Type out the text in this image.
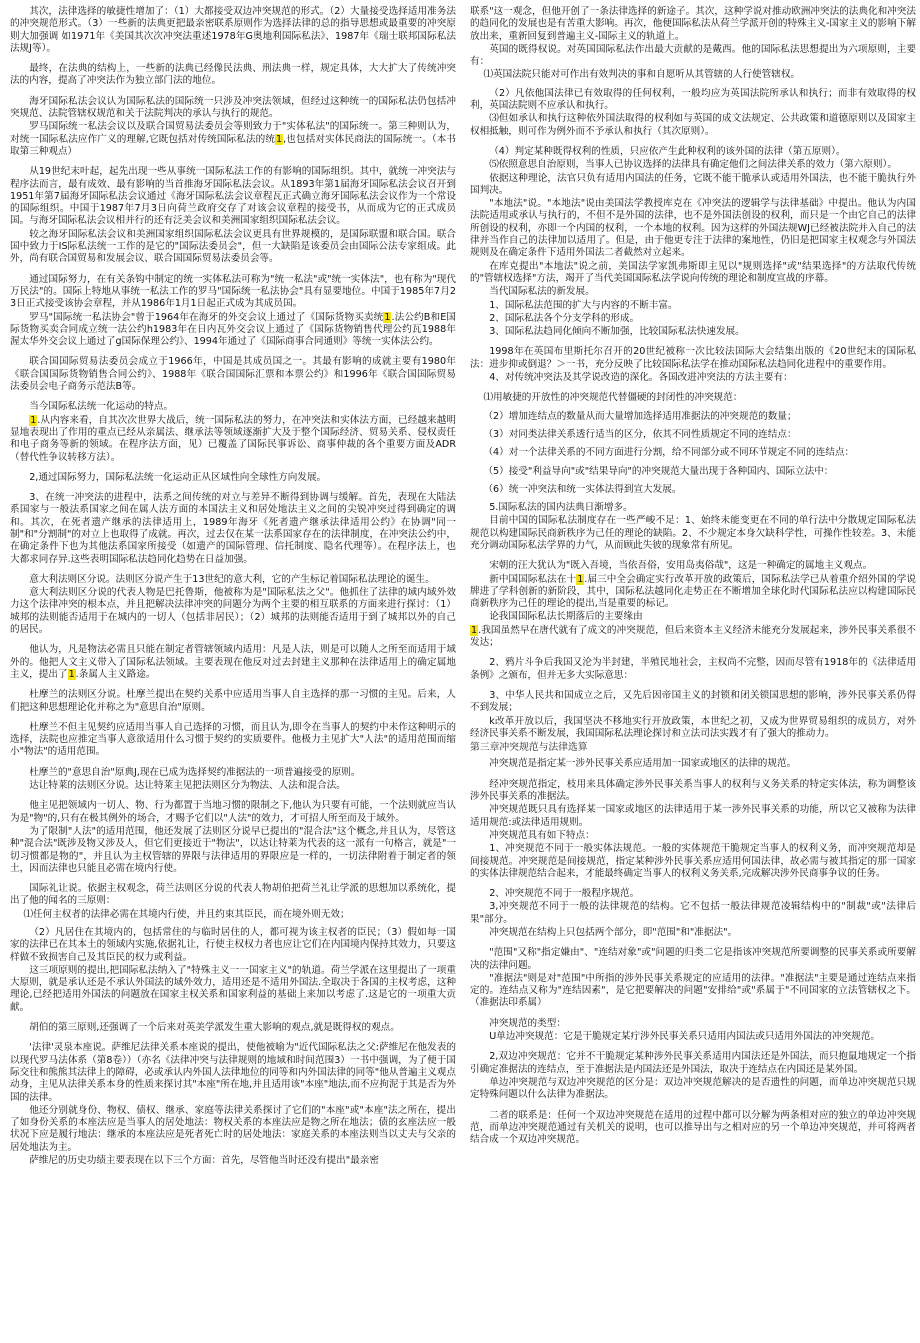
其次，法律选择的敏捷性增加了：（1）大都接受双边冲突规范的形式。（2）大量接受选择适用准务法的冲突规范形式。（3）一些新的法典更把最亲密联系原则作为选择法律的总的指导思想或最重要的冲突原则大加强调 如1971年《美国其次次冲突法重述1978年G奥地利国际私法》、1987年《瑞士联邦国际私法法规J等）。

最终，在法典的结构上，一些新的法典已经像民法典、刑法典一样，规定具体，大大扩大了传统冲突法的内容，提高了冲突法作为独立部门法的地位。

海牙国际私法会议认为国际私法的国际统一只涉及冲突法领域，但经过这种统一的国际私法仍包括冲突规范、法院管辖权规范和关于法院判决的承认与执行的规范。

罗马国际统一私法会议以及联合国贸易法委员会等则致力于"实体私法"的国际统一。第三种则认为，对统一国际私法应作广义的理解,它既包括对传统国际私法的统1,也包括对实体民商法的国际统一。（本书取第三种观点）

从19世纪末叶起，起先出现一些从事统一国际私法工作的有影响的国际组织。其中，就统一冲突法与程序法而言，最有成效、最有影响的当首推海牙国际私法会议。从1893年第1届海牙国际私法会议召开到1951年第7届海牙国际私法会议通过《海牙国际私法会议章程瓦正式确立海牙国际私法会议作为一个常设的国际组织。中国于1987年7月3日向荷兰政府交存了对该会议章程的接受书，从而成为它的正式成员国。与海牙国际私法会议相并行的还有泛美会议和美洲国家组织国际私法会议。

较之海牙国际私法会议和美洲国家组织国际私法会议更具有世界规模的，是国际联盟和联合国。联合国中致力于IS际私法统一工作的是它的"国际法委员会"，但一大缺陷是该委员会由国际公法专家组成。此外，尚有联合国贸易和发展会议、联合国国际贸易法委员会等。

通过国际努力，在有关条钩中制定的统一实体私法可称为"统一私法"或"统一实体法"，也有称为"现代万民法"的。国际上特地从事统一私法工作的罗马"国际统一私法协会"具有显要地位。中国于1985年7月23日正式接受该协会章程，并从1986年1月1日起正式成为其成员国。

罗马"国际统一私法协会"曾于1964年在海牙的外交会议上通过了《国际货物买卖统1.法公约B和E国际货物买卖合同成立统一法公约h1983年在日内瓦外交会议上通过了《国际货物销售代理公约瓦1988年渥太华外交会议上通过了g国际保理公约》、1994年通过了《国际商事合同通则》等统一实体法公约。

联合国国际贸易法委员会成立于1966年，中国是其成员国之一。其最有影响的成就主要有1980年《联合国国际货物销售合同公约》、1988年《联合国国际汇票和本票公约》和1996年《联合国国际贸易法委员会电子商务示范法B等。

当今国际私法统一化运动的特点。

1.从内容来看，自其次次世界大战后，统一国际私法的努力，在冲突法和实体法方面，已经越来越明显地表现出了作用的重点已经从亲属法、继承法等领域逐渐扩大及于整个国际经济、贸易关系、侵权责任和电子商务等新的领域。在程序法方面，见）已覆盖了国际民事诉讼、商事仲裁的各个重要方面及ADR（替代性争议转移方法）。

2,通过国际努力，国际私法统一化运动正从区域性向全球性方向发展。

3、在统一冲突法的进程中，法系之间传统的对立与差异不断得到协调与缓解。首先，表现在大陆法系国家与一般法系国家之间在属人法方面的本国法主义和居处地法主义之间的尖锐冲突过得到确定的调和。其次，在死者遗产继承的法律适用上，1989年海牙《死者遗产继承法律适用公约》在协调"同一制"和"分割制"的对立上也取得了成就。再次，过去仅在某一法系国家存在的法律制度，在冲突法公约中，在确定条件下也为其他法系国家所接受（如遗产的国际管理、信托制度、隐名代理等）。在程序法上，也大都求同存异.这些表明国际私法趋同化趋势在日益加强。

意大利法则区分说。法则区分说产生于13世纪的意大利，它的产生标记着国际私法理论的诞生。

意大利法则区分说的代表人物是巴托鲁斯，他被称为是"国际私法之父"。他抓住了法律的域内域外效力这个法律冲突的根本点，并且把解决法律冲突的问题分为两个主要的相互联系的方面来进行探讨：（1）城邦的法则能否适用于在城内的一切人（包括非居民）；（2）城邦的法则能否适用于到了城邦以外的自己的居民。

他认为，凡是物法必需且只能在制定者管辖领域内适用：凡是人法，则是可以随人之所至而适用于域外的。他把人文主义带入了国际私法领域。主要表现在他反对过去封建主义那种在法律适用上的确定属地主义，提出了1.条属人主义路途。

杜摩兰的法则区分说。杜摩兰提出在契约关系中应适用当事人自主选择的那一习惯的主见。后来，人们把这种思想理论化并称之为"意思自治"原则。

杜摩兰不但主见契约应适用当事人自己选择的习惯，而且认为,即令在当事人的契约中未作这种明示的选择，法院也应推定当事人意欲适用什么习惯于契约的实质要件。他极力主见扩大"人法"的适用范围而缩小"物法"的适用范围。

杜摩兰的"意思自治"原典J,现在已成为选择契约准据法的一项普遍接受的原则。

达让特莱的法则区分说。达让特莱主见把法则区分为物法、人法和混合法。

他主见把领域内一切人、物、行为都置于当地习惯的限制之下,他认为只要有可能，一个法则就应当认为是"物"的,只有在极其例外的场合，才赐予它们以"人法"的效力，才可招人所至而及于域外。

为了限制"人法"的适用范围，他还发展了法则区分说早已提出的"混合法"这个概念,并且认为，尽管这种"混合法"既涉及物又涉及人，但它们更接近于"物法"，以达让特莱为代表的这一派有一句格言，就是"一切习惯都是物的"，并且认为主权管辖的界限与法律适用的界限应是一样的，一切法律附着于制定者的领土，因而法律也只能且必需在境内行使。

国际礼让说。依据主权观念，荷兰法则区分说的代表人物胡伯把荷兰礼让学派的思想加以系统化，提出了他的闻名的三原则：

⑴任何主权者的法律必需在其境内行使，并且约束其臣民，而在境外则无效；

（2）凡居住在其境内的，包括常住的与临时居住的人，都可视为该主权者的臣民；（3）假如每一国家的法律已在其本土的领域内实施,依据礼让，行使主权权力者也应让它们在内国境内保持其效力，只要这样做不致损害自己及其臣民的权力或利益。

这三项原则的提出,把国际私法纳入了"特殊主义一一国家主义"的轨道。荷兰学派在这里提出了一项重大原则，就是承认还是不承认外国法的域外效力，适用还是不适用外国法.全取决于各国的主权考虑，这种理论,已经把适用外国法的问题放在国家主权关系和国家利益的基础上来加以考虑了.这是它的一项重大贡献。

胡伯的第三原则,还强调了一个后来对英美学派发生重大影响的观点,就是既得权的观点。

'法律'灵泉本座说。萨维尼法律关系本座说的提出，使他被喻为"近代国际私法之父:萨维尼在他发表的以现代罗马法体系（第8卷））（亦名《法律冲突与法律规则的地域和时间范围3）一书中强调，为了便于国际交往和熊熊其法律上的障碍，必或承认内外国人法律地位的同等和内外国法律的同等"他从普遍主义观点动身，主见从法律关系本身的性质来探讨其"本座"所在地,并且适用该"本座"地法,而不应拘泥于其是否为外国的法律。

他还分别就身份、物权、债权、继承、家庭等法律关系探讨了它们的"本座"或"本座"法之所在，提出了如身份关系的本座法应是当事人的居处地法：物权关系的本座法应是物之所在地法；债的玄座法应一般状况下应是履行地法：继承的本座法应是死者死亡时的居处地法：家庭关系的本座法则当以丈夫与父亲的居处地法为主。

萨维尼的历史功绩主要表现在以下三个方面：首先，尽管他当时还没有提出"最亲密

联系"这一观念，但他开创了一条法律选择的新途子。其次，这种学说对推动欧洲冲突法的法典化和冲突法的趋同化的发展也是有苦重大影响。再次，他便国际私法从荷兰学派开创的特殊主义-国家主义的影响下解放出来，重新回复到普遍主义-国际主义的轨道上。

英国的既得权说。对英国国际私法作出最大贡献的是戴西。他的国际私法思想提出为六项原则，主要有：

⑴英国法院只能对可作出有效判决的事和自愿听从其管辖的人行使管辖权。

（2）凡依他国法律已有效取得的任何权利，一般均应为英国法院所承认和执行；而非有效取得的权利，英国法院则不应承认和执行。

⑶但如承认和执行这种依外国法取得的权利如与英国的成文法规定、公共政策和道德原则以及国家主权相抵触，则可作为例外而不予承认和执行（其次原则）。

（4）判定某种既得权利的性质，只应依产生此种权利的该外国的法律（第五原则）。

⑸依照意思自治原则，当事人已协议选择的法律具有确定他们之间法律关系的效力（第六原则）。

依据这种理论，法官只负有适用内国法的任务，它既不能干脆承认或适用外国法，也不能干脆执行外国判决。

"本地法"说。"本地法"说由美国法学教授库克在《冲突法的逻辑学与法律基础》中提出。他认为内国法院适用或承认与执行的，不但不是外国的法律，也不是外国法创设的权利，而只是一个由它自己的法律所创设的权利，亦即一个内国的权利，一个本地的权利。因为这样的外国法规WJ已经被法院并入自己的法律并当作自己的法律加以适用了。但是，由于他更专注于法律的案地性，仍旧是把国家主权观念与外国法规则及在确定条件下适用外国法二者截然对立起来。

在库克提出"本地法"说之前，美国法学家凯弗斯即主见以"规则选择"或"结果选择"的方法取代传统的"管辖权选择"方法，竭开了当代美国国际私法学说向传统的理论和制度宣战的序幕。

当代国际私法的新发展。

1、国际私法范围的扩大与内容的不断丰富。

2、国际私法各个分支学科的形成。

3、国际私法趋同化倾向不断加强，比较国际私法快速发展。

1998年在英国布里斯托尔召开的20世纪被称一次比较法国际大会结集出版的《20世纪末的国际私法：进步抑或倒退？＞一书，充分反映了比较国际私法学在推动国际私法趋同化进程中的重要作用。

4、对传统冲突法及其学说改造的深化。各国改进冲突法的方法主要有：

⑴用敏捷的开放性的冲突规范代替僵硬的封闭性的冲突规范：

（2）增加连结点的数量从而大量增加选择适用准据法的冲突规范的数量；

（3）对同类法律关系透行适当的区分，依其不同性质规定不同的连结点：

（4）对一个法律关系的不同方面进行分割，给不同部分或不同环节规定不同的连结点：

（5）接受"利益导向"或"结果导向"的冲突规范大量出现于各种国内、国际立法中：

（6）统一冲突法和统一实体法得到宣大发展。

5.国际私法的国内法典日渐增多。

目前中国的国际私法制度存在一些严峻不足：1、始终未能变更在不同的单行法中分散规定国际私法规范以构建国际民商新秩序为己任的理论的缺陷。2、不少规定本身欠缺科学性，可操作性较差。3、未能充分调动国际私法学界的力气，从而顾此失彼的现象常有所见。

宋朝的汪大犹认为"既入吾境，当依吾俗，安用岛夷俗哉"，这是一种确定的属地主义观点。

新中国国际私法在十1.届三中全会确定实行改革开放的政策后，国际私法学已从着重介绍外国的学说牌进了学科创新的新阶段，其中，国际私法越同化走势正在不断增加全球化时代国际私法应以构建国际民商新秩序为己任的理论的提出,当是重要的标记。

论我国国际私法长期落后的主要缘由

1.我国虽然早在唐代就有了成文的冲突规范，但后来资本主义经济未能充分发展起来，涉外民事关系很不发达；

2、鸦片斗争后我国又沦为半封建，半殖民地社会，主权尚不完整，因而尽管有1918年的《法律适用条例》之颁布，但并无多大实际意思：

3、中华人民共和国成立之后，又先后因帝国主义的封锁和闭关锁国思想的影响，涉外民事关系仍得不到发展；

k改革开放以后，我国坚决不移地实行开放政策，本世纪之初，又成为世界贸易组织的成员方，对外经济民事关系不断发展，我国国际私法理论探讨和立法司法实践才有了强大的推动力。

第三章冲突规范与法律选算

冲突规范是指定某一涉外民事关系应适用加一国家或地区的法律的规范。

经冲突规范指定，枝用来具体确定涉外民事关系当事人的权利与义务关系的特定实体法，称为调整该涉外民事关系的准据法。

冲突规范既只具有选择某一国家或地区的法律适用于某一涉外民事关系的功能，所以它又被称为法律适用规范:或法律适用规则。

冲突规范具有如下特点：

1、冲突规范不同于一般实体法规范。一般的实体规范干脆规定当事人的权利义务，而冲突规范却是间接规范。冲突规范是间接规范，指定某种涉外民事关系应适用何国法律，故必需与被其指定的那一国家的实体法律规范结合起来，才能最终确定当事人的权利义务关系,完成解决涉外民商事争议的任务。

2、冲突规范不同于一般程序规范。

3,冲突规范不同于一般的法律规范的结构。它不包括一般法律规范凌辑结构中的"制裁"或"法律后果"部分。

冲突规范在结构上只包括两个部分，即"范围"和"准据法"。

"范围"又称"指定嫌由"、"连结对象"或"问题的归类二它是指该冲突规范所要调整的民事关系或所要解决的法律问题。

"准据法"则是对"范围"中所指的涉外民事关系规定的应适用的法律。"准据法"主要是通过连结点来指定的。连结点又称为"连结因素"，是它把要解决的问题"安排给"或"系属于"不同国家的立法管辖权之下。（准据法印系属）

冲突规范的类型：

U单边冲突规范：它是干脆规定某疔涉外民事关系只适用内国法或只适用外国法的冲突规范。

2,双边冲突规范：它并不干脆规定某种涉外民事关系适用内国法还是外国法，而只抱鼠地规定一个指引确定准据法的连结点，至于准据法是内国法还是外国法，取决于连结点在内国还是某外国。

单边冲突规范与双边冲突规范的区分是：双边冲突规范解决的是否遗性的问题，而单边冲突规范只规定特殊问题以什么法律为准据法。

二者的联系是：任何一个双边冲突规范在适用的过程中都可以分解为两条相对应的独立的单边冲突规范，而单边冲突规范通过有关机关的说明，也可以推导出与之相对应的另一个单边冲突规范，并可将两者结合成一个双边冲突规范。
